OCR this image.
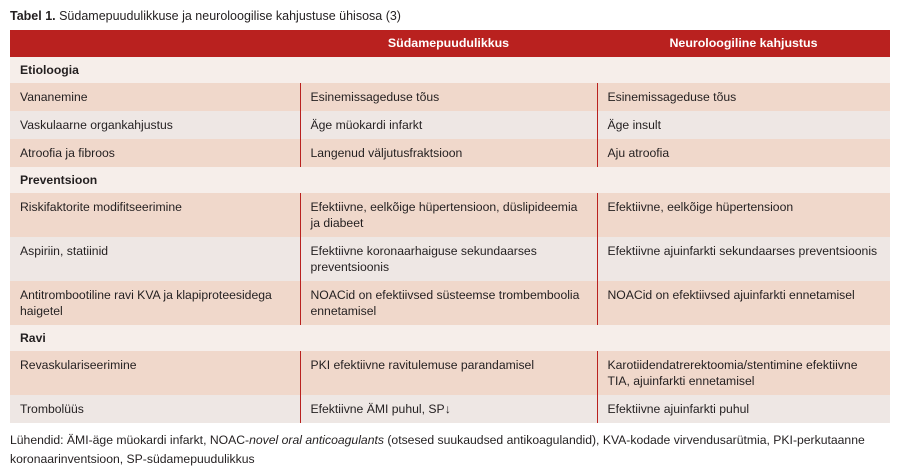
Tabel 1. Südamepuudulikkuse ja neuroloogilise kahjustuse ühisosa (3)
	Südamepuudulikkus	Neuroloogiline kahjustus
Etioloogia		
Vananemine	Esinemissageduse tõus	Esinemissageduse tõus
Vaskulaarne organkahjustus	Äge müokardi infarkt	Äge insult
Atroofia ja fibroos	Langenud väljutusfraktsioon	Aju atroofia
Preventsioon		
Riskifaktorite modifitseerimine	Efektiivne, eelkõige hüpertensioon, düslipideemia ja diabeet	Efektiivne, eelkõige hüpertensioon
Aspiriin, statiinid	Efektiivne koronaarhaiguse sekundaarses preventsioonis	Efektiivne ajuinfarkti sekundaarses preventsioonis
Antitrombootiline ravi KVA ja klapiproteesidega haigetel	NOACid on efektiivsed süsteemse trombemboolia ennetamisel	NOACid on efektiivsed ajuinfarkti ennetamisel
Ravi		
Revaskulariseerimine	PKI efektiivne ravitulemuse parandamisel	Karotiidendatrerektoomia/stentimine efektiivne TIA, ajuinfarkti ennetamisel
Trombolüüs	Efektiivne ÄMI puhul, SP↓	Efektiivne ajuinfarkti puhul
Lühendid: ÄMI-äge müokardi infarkt, NOAC-novel oral anticoagulants (otsesed suukaudsed antikoagulandid), KVA-kodade virvendusarütmia, PKI-perkutaanne koronaarinventsioon, SP-südamepuudulikkus
